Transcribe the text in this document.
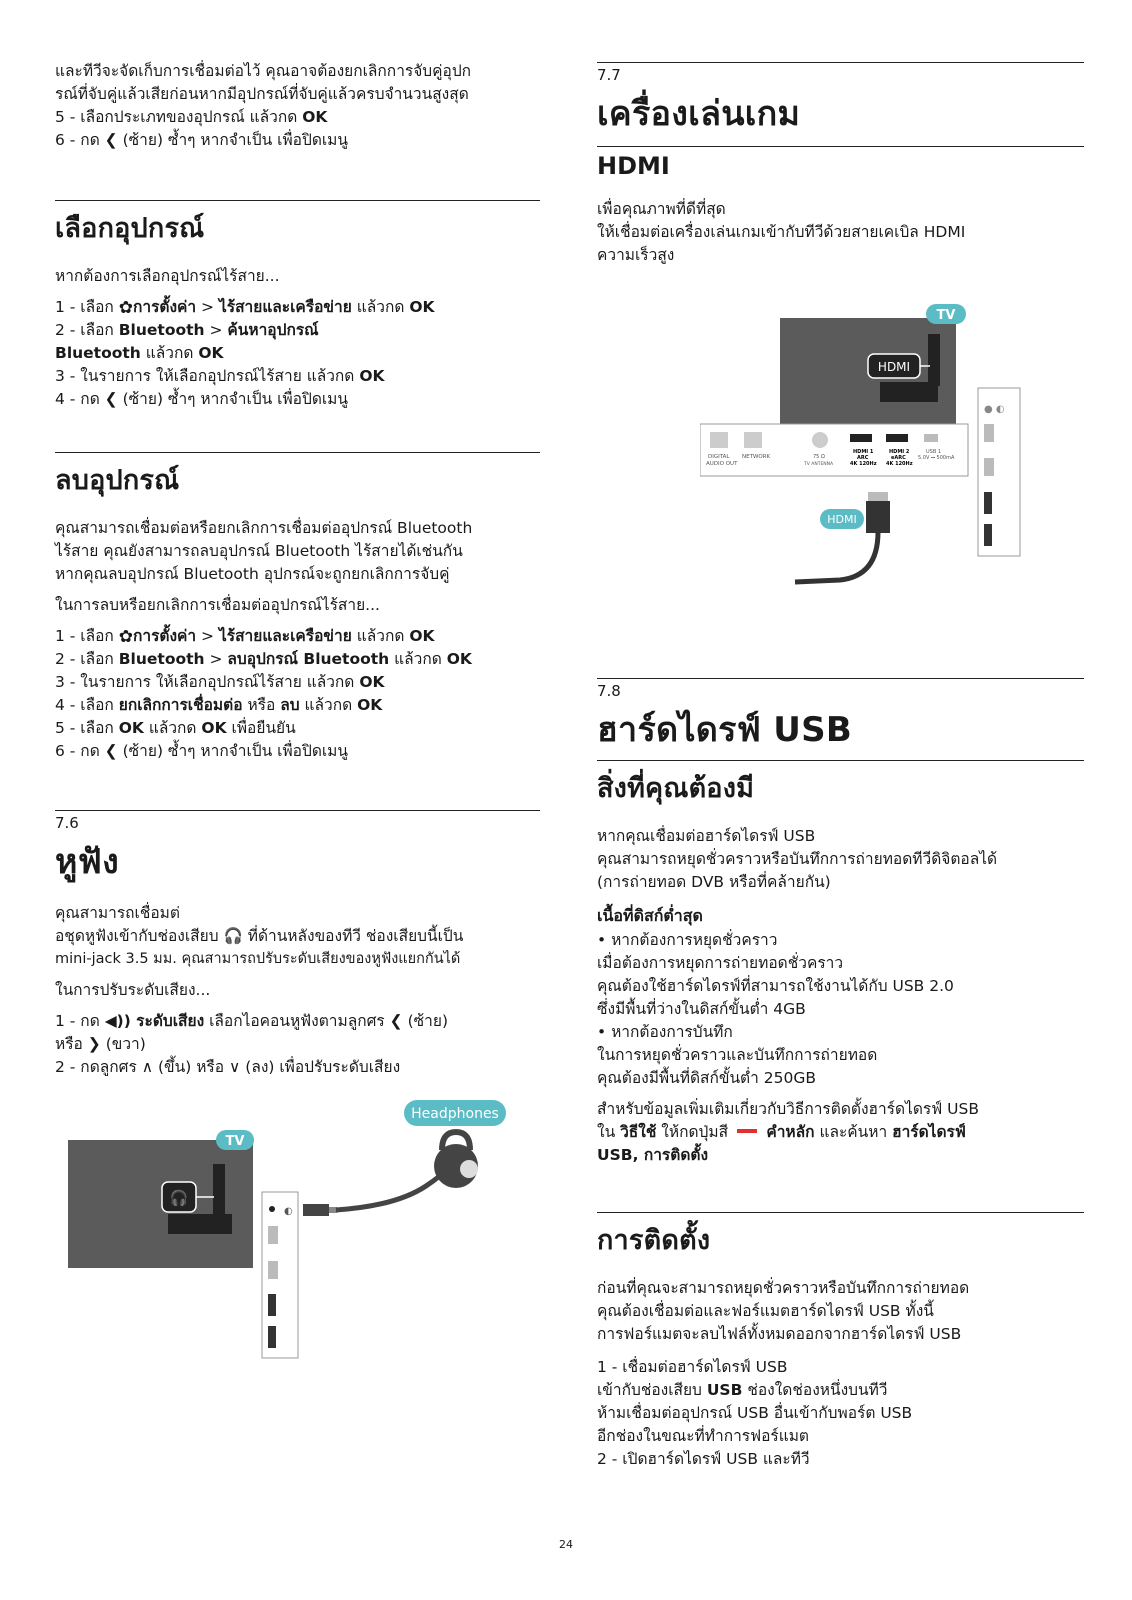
และทีวีจะจัดเก็บการเชื่อมต่อไว้ คุณอาจต้องยกเลิกการจับคู่อุปก

รณ์ที่จับคู่แล้วเสียก่อนหากมีอุปกรณ์ที่จับคู่แล้วครบจำนวนสูงสุด

5 - เลือกประเภทของอุปกรณ์ แล้วกด OK

6 - กด ❮ (ซ้าย) ซ้ำๆ หากจำเป็น เพื่อปิดเมนู

เลือกอุปกรณ์

หากต้องการเลือกอุปกรณ์ไร้สาย...

1 - เลือก ✿การตั้งค่า > ไร้สายและเครือข่าย แล้วกด OK

2 - เลือก Bluetooth > ค้นหาอุปกรณ์

Bluetooth แล้วกด OK

3 - ในรายการ ให้เลือกอุปกรณ์ไร้สาย แล้วกด OK

4 - กด ❮ (ซ้าย) ซ้ำๆ หากจำเป็น เพื่อปิดเมนู

ลบอุปกรณ์

คุณสามารถเชื่อมต่อหรือยกเลิกการเชื่อมต่ออุปกรณ์ Bluetooth

ไร้สาย คุณยังสามารถลบอุปกรณ์ Bluetooth ไร้สายได้เช่นกัน

หากคุณลบอุปกรณ์ Bluetooth อุปกรณ์จะถูกยกเลิกการจับคู่

ในการลบหรือยกเลิกการเชื่อมต่ออุปกรณ์ไร้สาย...

1 - เลือก ✿การตั้งค่า > ไร้สายและเครือข่าย แล้วกด OK

2 - เลือก Bluetooth > ลบอุปกรณ์ Bluetooth แล้วกด OK

3 - ในรายการ ให้เลือกอุปกรณ์ไร้สาย แล้วกด OK

4 - เลือก ยกเลิกการเชื่อมต่อ หรือ ลบ แล้วกด OK

5 - เลือก OK แล้วกด OK เพื่อยืนยัน

6 - กด ❮ (ซ้าย) ซ้ำๆ หากจำเป็น เพื่อปิดเมนู

7.6

หูฟัง

คุณสามารถเชื่อมต่

อชุดหูฟังเข้ากับช่องเสียบ 🎧 ที่ด้านหลังของทีวี ช่องเสียบนี้เป็น

mini-jack 3.5 มม. คุณสามารถปรับระดับเสียงของหูฟังแยกกันได้

ในการปรับระดับเสียง...

1 - กด ◀)) ระดับเสียง เลือกไอคอนหูฟังตามลูกศร ❮ (ซ้าย)

หรือ ❯ (ขวา)

2 - กดลูกศร ∧ (ขึ้น) หรือ ∨ (ลง) เพื่อปรับระดับเสียง

TV
🎧
◐
Headphones

7.7

เครื่องเล่นเกม

HDMI

เพื่อคุณภาพที่ดีที่สุด

ให้เชื่อมต่อเครื่องเล่นเกมเข้ากับทีวีด้วยสายเคเบิล HDMI

ความเร็วสูง

TV
HDMI
DIGITAL
AUDIO OUT
NETWORK	75 Ω
TV ANTENNA
HDMI 1
ARC
4K 120Hz
HDMI 2
eARC
4K 120Hz
USB 1
5.0V ⎓ 500mA
● ◐
HDMI

7.8

ฮาร์ดไดรฟ์ USB

สิ่งที่คุณต้องมี

หากคุณเชื่อมต่อฮาร์ดไดรฟ์ USB

คุณสามารถหยุดชั่วคราวหรือบันทึกการถ่ายทอดทีวีดิจิตอลได้

(การถ่ายทอด DVB หรือที่คล้ายกัน)

เนื้อที่ดิสก์ต่ำสุด

• หากต้องการหยุดชั่วคราว

เมื่อต้องการหยุดการถ่ายทอดชั่วคราว

คุณต้องใช้ฮาร์ดไดรฟ์ที่สามารถใช้งานได้กับ USB 2.0

ซึ่งมีพื้นที่ว่างในดิสก์ขั้นต่ำ 4GB

• หากต้องการบันทึก

ในการหยุดชั่วคราวและบันทึกการถ่ายทอด

คุณต้องมีพื้นที่ดิสก์ขั้นต่ำ 250GB

สำหรับข้อมูลเพิ่มเติมเกี่ยวกับวิธีการติดตั้งฮาร์ดไดรฟ์ USB

ใน วิธีใช้ ให้กดปุ่มสี  คำหลัก และค้นหา ฮาร์ดไดรฟ์

USB, การติดตั้ง

การติดตั้ง

ก่อนที่คุณจะสามารถหยุดชั่วคราวหรือบันทึกการถ่ายทอด

คุณต้องเชื่อมต่อและฟอร์แมตฮาร์ดไดรฟ์ USB ทั้งนี้

การฟอร์แมตจะลบไฟล์ทั้งหมดออกจากฮาร์ดไดรฟ์ USB

1 - เชื่อมต่อฮาร์ดไดรฟ์ USB

เข้ากับช่องเสียบ USB ช่องใดช่องหนึ่งบนทีวี

ห้ามเชื่อมต่ออุปกรณ์ USB อื่นเข้ากับพอร์ต USB

อีกช่องในขณะที่ทำการฟอร์แมต

2 - เปิดฮาร์ดไดรฟ์ USB และทีวี

24
